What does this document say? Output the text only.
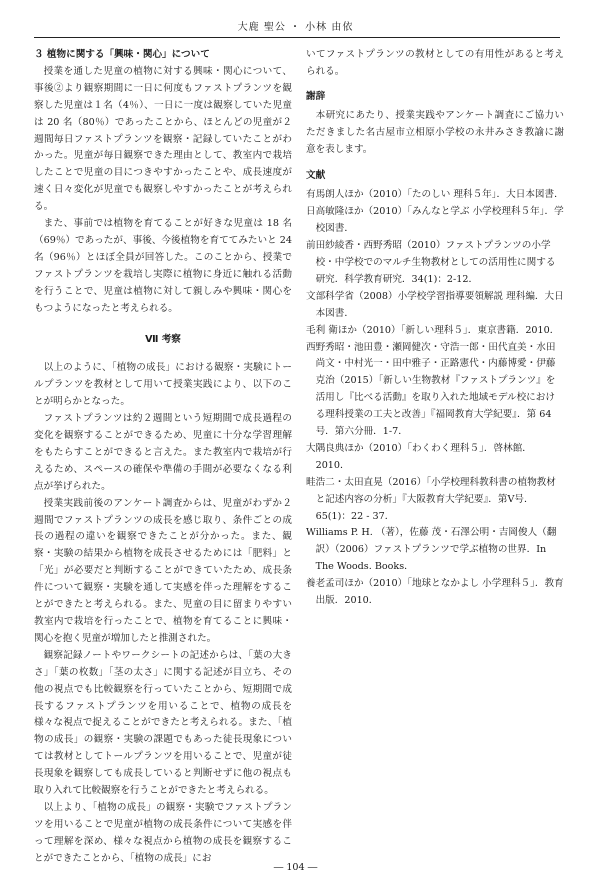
大鹿 聖公 ・ 小林 由依

３ 植物に関する「興味・関心」について

授業を通した児童の植物に対する興味・関心について、事後②より観察期間に一日に何度もファストプランツを観察した児童は１名（4％）、一日に一度は観察していた児童は 20 名（80％）であったことから、ほとんどの児童が２週間毎日ファストプランツを観察・記録していたことがわかった。児童が毎日観察できた理由として、教室内で栽培したことで児童の目につきやすかったことや、成長速度が速く日々変化が児童でも観察しやすかったことが考えられる。

また、事前では植物を育てることが好きな児童は 18 名（69％）であったが、事後、今後植物を育ててみたいと 24 名（96％）とほぼ全員が回答した。このことから、授業でファストプランツを栽培し実際に植物に身近に触れる活動を行うことで、児童は植物に対して親しみや興味・関心をもつようになったと考えられる。

Ⅶ 考察

以上のように、「植物の成長」における観察・実験にトールプランツを教材として用いて授業実践により、以下のことが明らかとなった。

ファストプランツは約２週間という短期間で成長過程の変化を観察することができるため、児童に十分な学習理解をもたらすことができると言えた。また教室内で栽培が行えるため、スペースの確保や準備の手間が必要なくなる利点が挙げられた。

授業実践前後のアンケート調査からは、児童がわずか２週間でファストプランツの成長を感じ取り、条件ごとの成長の過程の違いを観察できたことが分かった。また、観察・実験の結果から植物を成長させるためには「肥料」と「光」が必要だと判断することができていたため、成長条件について観察・実験を通して実感を伴った理解をすることができたと考えられる。また、児童の目に留まりやすい教室内で栽培を行ったことで、植物を育てることに興味・関心を抱く児童が増加したと推測された。

観察記録ノートやワークシートの記述からは、「葉の大きさ」「葉の枚数」「茎の太さ」に関する記述が目立ち、その他の視点でも比較観察を行っていたことから、短期間で成長するファストプランツを用いることで、植物の成長を様々な視点で捉えることができたと考えられる。また、「植物の成長」の観察・実験の課題でもあった徒長現象については教材としてトールプランツを用いることで、児童が徒長現象を観察しても成長していると判断せずに他の視点も取り入れて比較観察を行うことができたと考えられる。

以上より、「植物の成長」の観察・実験でファストプランツを用いることで児童が植物の成長条件について実感を伴って理解を深め、様々な視点から植物の成長を観察することができたことから、「植物の成長」にお

いてファストプランツの教材としての有用性があると考えられる。

謝辞

本研究にあたり、授業実践やアンケート調査にご協力いただきました名古屋市立相原小学校の永井みさき教諭に謝意を表します。

文献

有馬朗人ほか（2010）「たのしい 理科５年」．大日本図書．
日高敏隆ほか（2010）「みんなと学ぶ 小学校理科５年」．学校図書．
前田紗綾香・西野秀昭（2010）ファストプランツの小学校・中学校でのマルチ生物教材としての活用性に関する研究．科学教育研究．34(1)：2-12．
文部科学省（2008）小学校学習指導要領解説 理科編．大日本図書．
毛利 衛ほか（2010）「新しい理科５」．東京書籍．2010．
西野秀昭・池田豊・瀬岡健次・守浩一郎・田代直美・水田尚文・中村光一・田中雅子・正路憲代・内藤博愛・伊藤克治（2015）「新しい生物教材『ファストプランツ』を活用し『比べる活動』を取り入れた地域モデル校における理科授業の工夫と改善」『福岡教育大学紀要』．第 64 号．第六分冊．1-7．
大隅良典ほか（2010）「わくわく理科５」．啓林館．2010．
畦浩二・太田直晃（2016）「小学校理科教科書の植物教材と記述内容の分析」『大阪教育大学紀要』．第Ⅴ号．65(1)：22 - 37．
Williams P. H. （著），佐藤 茂・石澤公明・吉岡俊人（翻訳）（2006）ファストプランツで学ぶ植物の世界．In The Woods. Books．
養老孟司ほか（2010）「地球となかよし 小学理科５」．教育出版．2010．
― 104 ―
